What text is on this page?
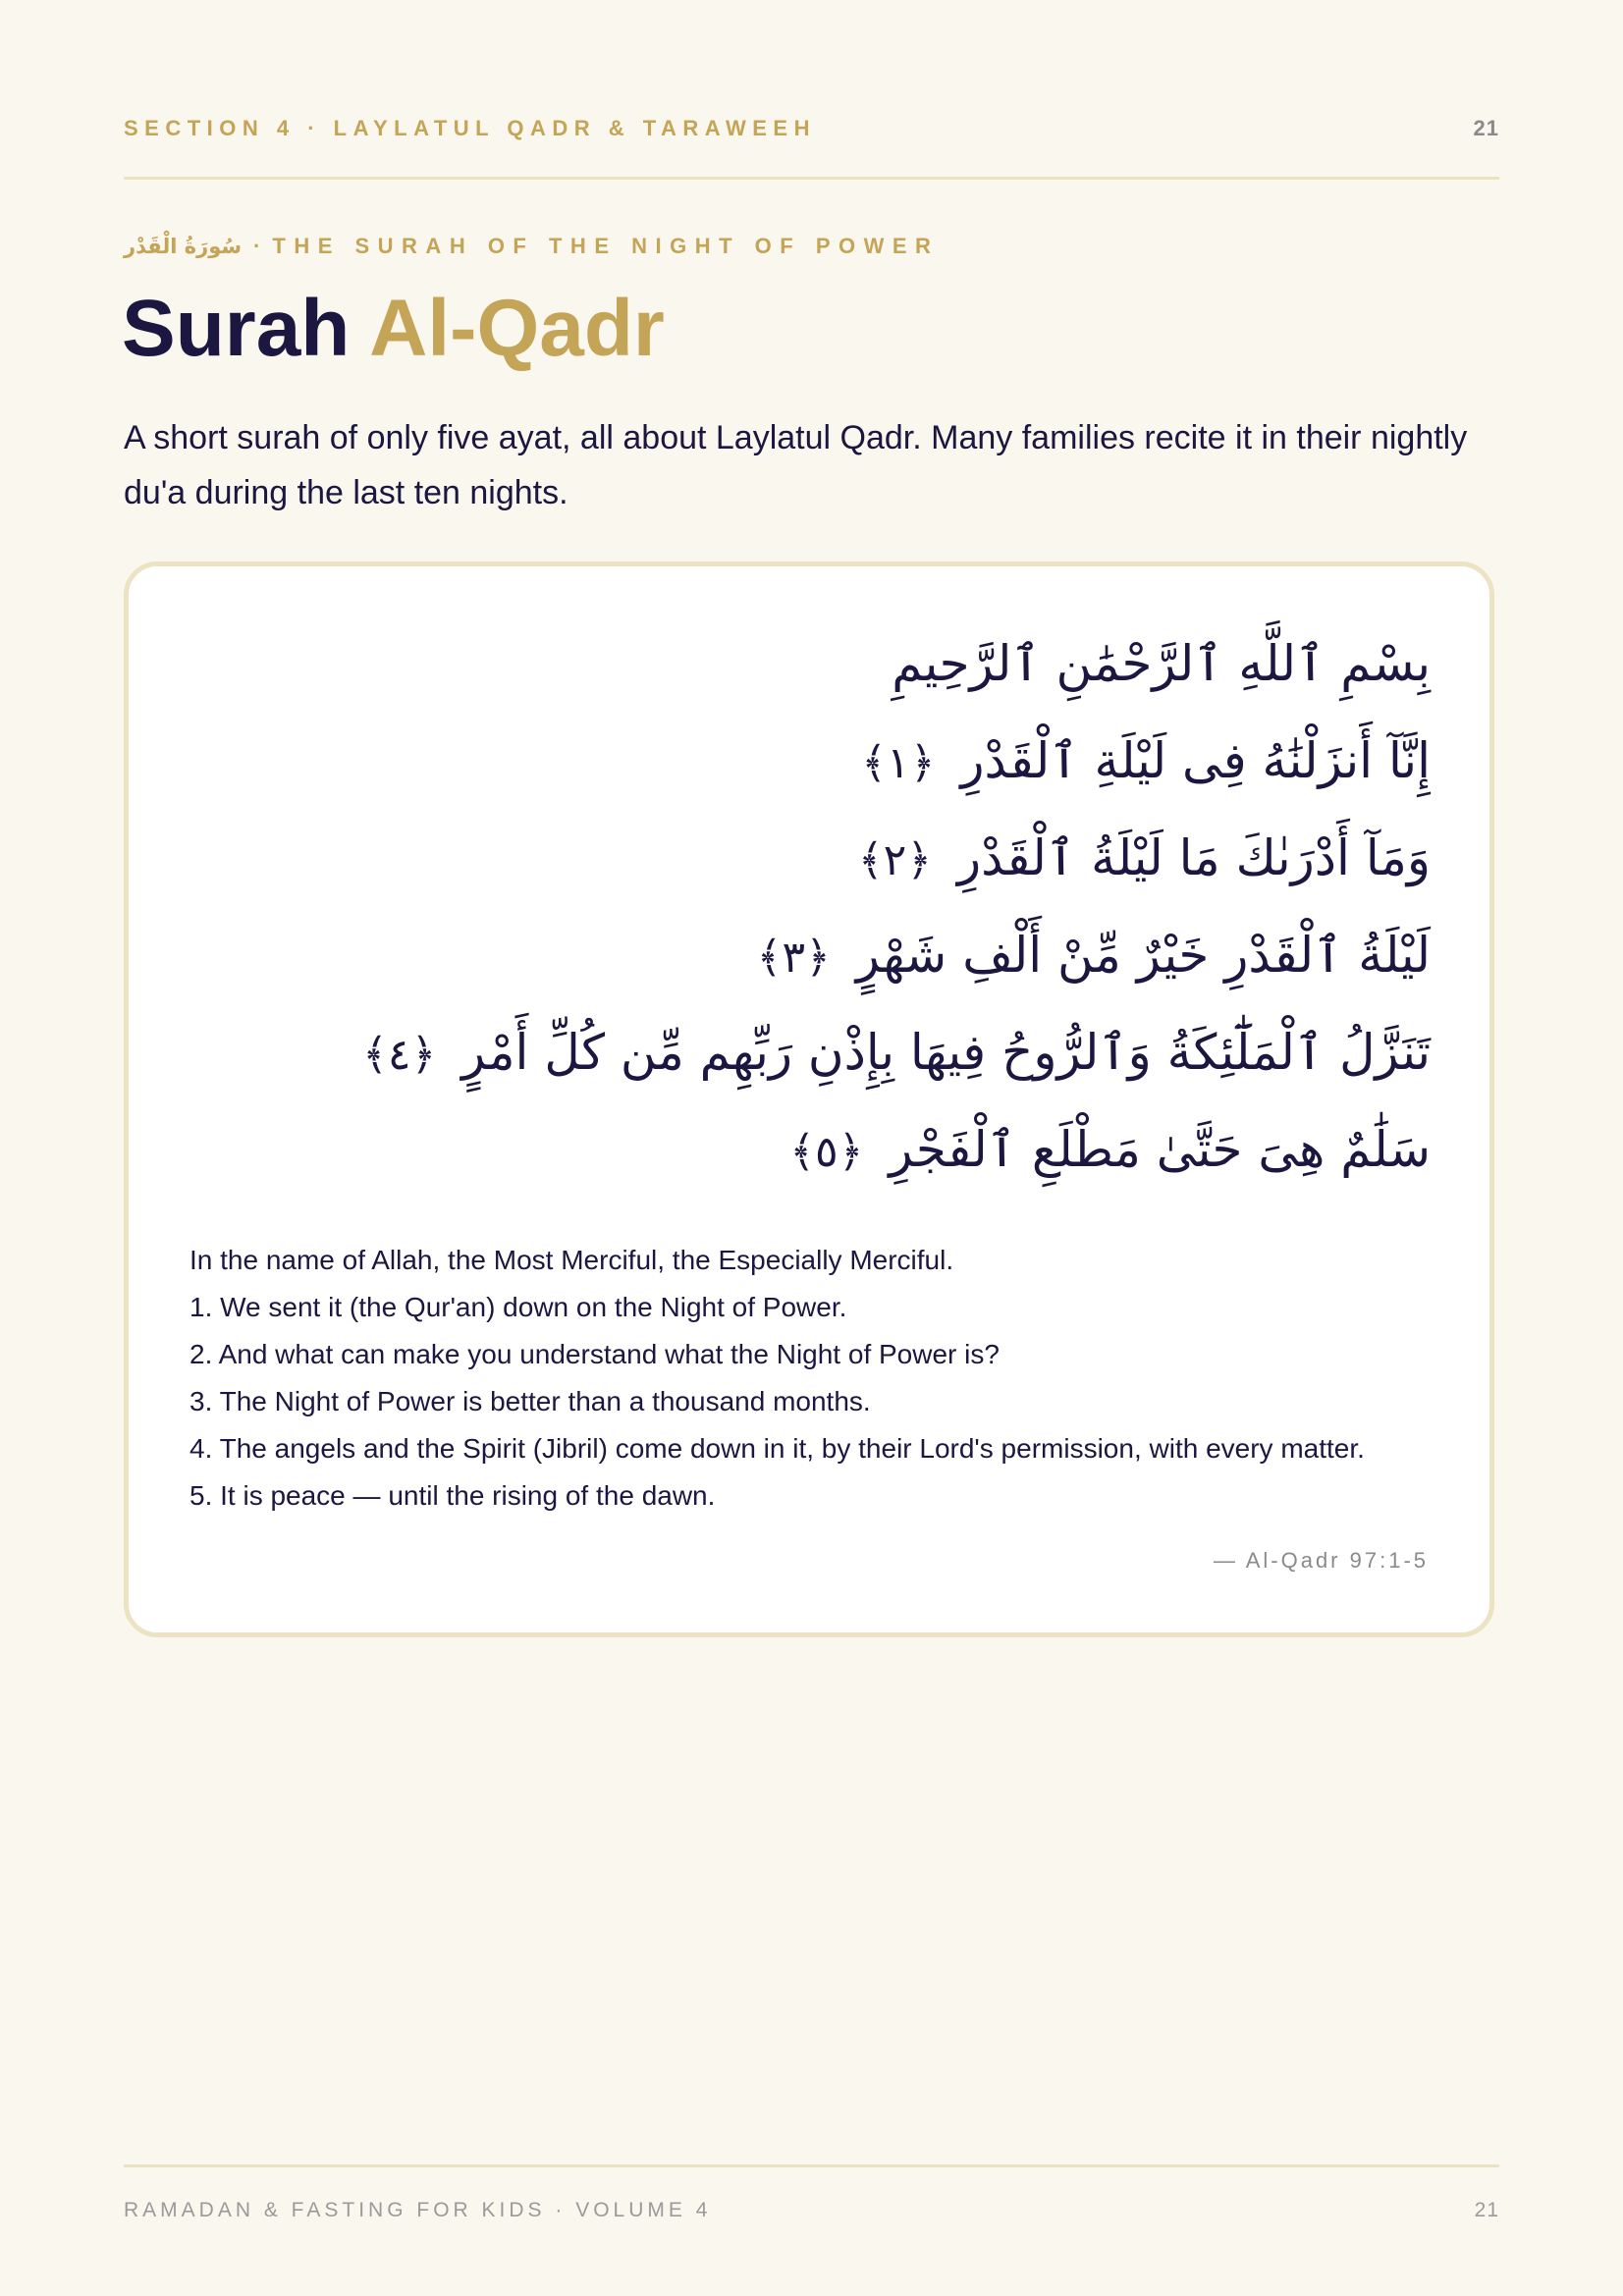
SECTION 4 · LAYLATUL QADR & TARAWEEH	21
سُورَةُ الْقَدْر · THE SURAH OF THE NIGHT OF POWER
Surah Al-Qadr

A short surah of only five ayat, all about Laylatul Qadr. Many families recite it in their nightly du'a during the last ten nights.

بِسْمِ ٱللَّهِ ٱلرَّحْمَٰنِ ٱلرَّحِيمِ
إِنَّآ أَنزَلْنَٰهُ فِى لَيْلَةِ ٱلْقَدْرِ ﴿١﴾
وَمَآ أَدْرَىٰكَ مَا لَيْلَةُ ٱلْقَدْرِ ﴿٢﴾
لَيْلَةُ ٱلْقَدْرِ خَيْرٌ مِّنْ أَلْفِ شَهْرٍ ﴿٣﴾
تَنَزَّلُ ٱلْمَلَٰٓئِكَةُ وَٱلرُّوحُ فِيهَا بِإِذْنِ رَبِّهِم مِّن كُلِّ أَمْرٍ ﴿٤﴾
سَلَٰمٌ هِىَ حَتَّىٰ مَطْلَعِ ٱلْفَجْرِ ﴿٥﴾
In the name of Allah, the Most Merciful, the Especially Merciful.
1. We sent it (the Qur'an) down on the Night of Power.
2. And what can make you understand what the Night of Power is?
3. The Night of Power is better than a thousand months.
4. The angels and the Spirit (Jibril) come down in it, by their Lord's permission, with every matter.
5. It is peace — until the rising of the dawn.
— Al-Qadr 97:1-5
RAMADAN & FASTING FOR KIDS · VOLUME 4	21
